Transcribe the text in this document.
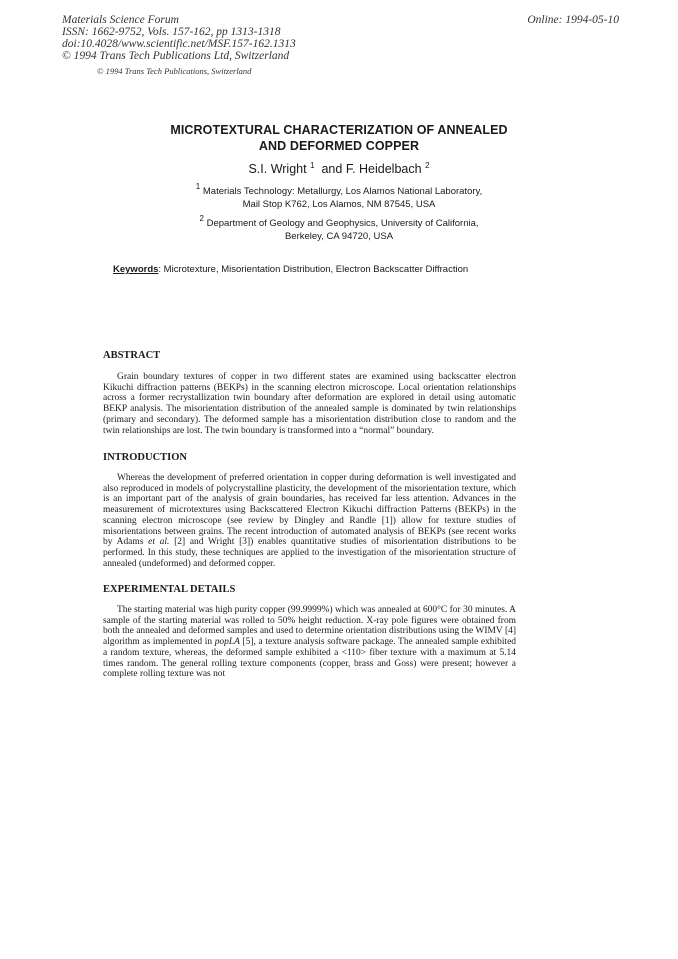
Materials Science Forum
ISSN: 1662-9752, Vols. 157-162, pp 1313-1318
doi:10.4028/www.scientific.net/MSF.157-162.1313
© 1994 Trans Tech Publications Ltd, Switzerland
Online: 1994-05-10
© 1994 Trans Tech Publications, Switzerland
MICROTEXTURAL CHARACTERIZATION OF ANNEALED
AND DEFORMED COPPER
S.I. Wright $^1$ and F. Heidelbach $^2$
$^1$ Materials Technology: Metallurgy, Los Alamos National Laboratory,
Mail Stop K762, Los Alamos, NM 87545, USA
$^2$ Department of Geology and Geophysics, University of California,
Berkeley, CA 94720, USA
Keywords: Microtexture, Misorientation Distribution, Electron Backscatter Diffraction
ABSTRACT

Grain boundary textures of copper in two different states are examined using backscatter electron Kikuchi diffraction patterns (BEKPs) in the scanning electron microscope. Local orientation relationships across a former recrystallization twin boundary after deformation are explored in detail using automatic BEKP analysis. The misorientation distribution of the annealed sample is dominated by twin relationships (primary and secondary). The deformed sample has a misorientation distribution close to random and the twin relationships are lost. The twin boundary is transformed into a “normal” boundary.

INTRODUCTION

Whereas the development of preferred orientation in copper during deformation is well investigated and also reproduced in models of polycrystalline plasticity, the development of the misorientation texture, which is an important part of the analysis of grain boundaries, has received far less attention. Advances in the measurement of microtextures using Backscattered Electron Kikuchi diffraction Patterns (BEKPs) in the scanning electron microscope (see review by Dingley and Randle [1]) allow for texture studies of misorientations between grains. The recent introduction of automated analysis of BEKPs (see recent works by Adams et al. [2] and Wright [3]) enables quantitative studies of misorientation distributions to be performed. In this study, these techniques are applied to the investigation of the misorientation structure of annealed (undeformed) and deformed copper.

EXPERIMENTAL DETAILS

The starting material was high purity copper (99.9999%) which was annealed at 600°C for 30 minutes. A sample of the starting material was rolled to 50% height reduction. X-ray pole figures were obtained from both the annealed and deformed samples and used to determine orientation distributions using the WIMV [4] algorithm as implemented in popLA [5], a texture analysis software package. The annealed sample exhibited a random texture, whereas, the deformed sample exhibited a <110> fiber texture with a maximum at 5.14 times random. The general rolling texture components (copper, brass and Goss) were present; however a complete rolling texture was not
